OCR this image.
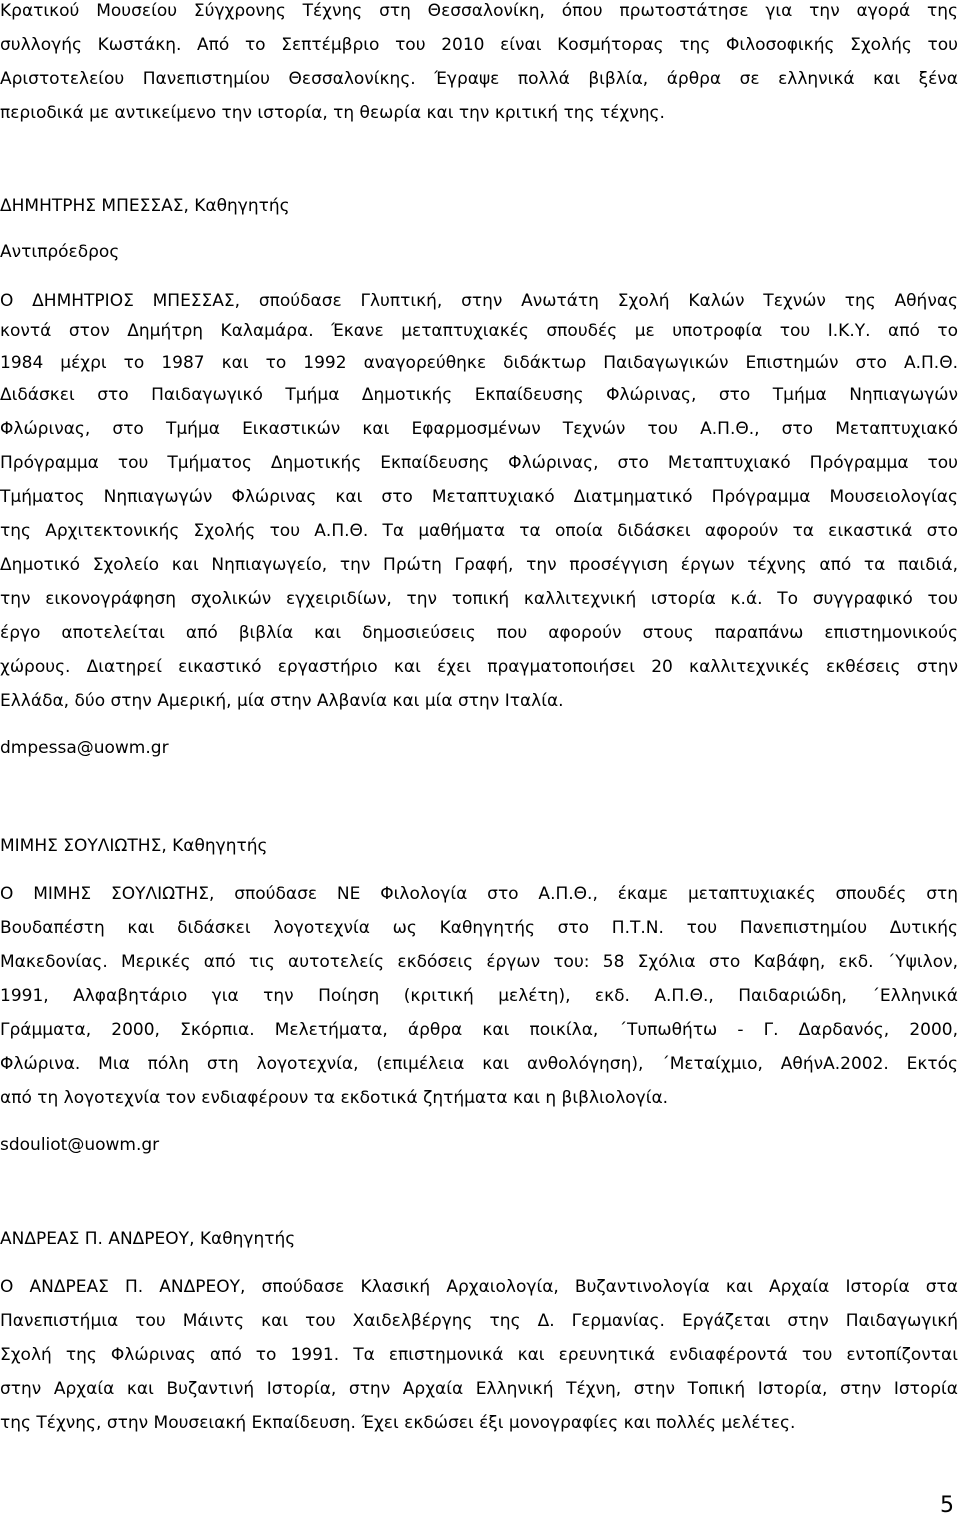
Κρατικού Μουσείου Σύγχρονης Τέχνης στη Θεσσαλονίκη, όπου πρωτοστάτησε για την αγορά της
συλλογής Κωστάκη. Από το Σεπτέμβριο του 2010 είναι Κοσμήτορας της Φιλοσοφικής Σχολής του
Αριστοτελείου Πανεπιστημίου Θεσσαλονίκης. Έγραψε πολλά βιβλία, άρθρα σε ελληνικά και ξένα
περιοδικά με αντικείμενο την ιστορία, τη θεωρία και την κριτική της τέχνης.
ΔΗΜΗΤΡΗΣ ΜΠΕΣΣΑΣ, Καθηγητής
Αντιπρόεδρος
Ο ΔΗΜΗΤΡΙΟΣ ΜΠΕΣΣΑΣ, σπούδασε Γλυπτική, στην Ανωτάτη Σχολή Καλών Τεχνών της Αθήνας
κοντά στον Δημήτρη Καλαμάρα. Έκανε μεταπτυχιακές σπουδές με υποτροφία του Ι.Κ.Υ. από το
1984 μέχρι το 1987 και το 1992 αναγορεύθηκε διδάκτωρ Παιδαγωγικών Επιστημών στο Α.Π.Θ.
Διδάσκει στο Παιδαγωγικό Τμήμα Δημοτικής Εκπαίδευσης Φλώρινας, στο Τμήμα Νηπιαγωγών
Φλώρινας, στο Τμήμα Εικαστικών και Εφαρμοσμένων Τεχνών του Α.Π.Θ., στο Μεταπτυχιακό
Πρόγραμμα του Τμήματος Δημοτικής Εκπαίδευσης Φλώρινας, στο Μεταπτυχιακό Πρόγραμμα του
Τμήματος Νηπιαγωγών Φλώρινας και στο Μεταπτυχιακό Διατμηματικό Πρόγραμμα Μουσειολογίας
της Αρχιτεκτονικής Σχολής του Α.Π.Θ. Τα μαθήματα τα οποία διδάσκει αφορούν τα εικαστικά στο
Δημοτικό Σχολείο και Νηπιαγωγείο, την Πρώτη Γραφή, την προσέγγιση έργων τέχνης από τα παιδιά,
την εικονογράφηση σχολικών εγχειριδίων, την τοπική καλλιτεχνική ιστορία κ.ά. Το συγγραφικό του
έργο αποτελείται από βιβλία και δημοσιεύσεις που αφορούν στους παραπάνω επιστημονικούς
χώρους. Διατηρεί εικαστικό εργαστήριο και έχει πραγματοποιήσει 20 καλλιτεχνικές εκθέσεις στην
Ελλάδα, δύο στην Αμερική, μία στην Αλβανία και μία στην Ιταλία.
dmpessa@uowm.gr
ΜΙΜΗΣ ΣΟΥΛΙΩΤΗΣ, Καθηγητής
Ο ΜΙΜΗΣ ΣΟΥΛΙΩΤΗΣ, σπούδασε ΝΕ Φιλολογία στο Α.Π.Θ., έκαμε μεταπτυχιακές σπουδές στη
Βουδαπέστη και διδάσκει λογοτεχνία ως Καθηγητής στο Π.Τ.Ν. του Πανεπιστημίου Δυτικής
Μακεδονίας. Μερικές από τις αυτοτελείς εκδόσεις έργων του: 58 Σχόλια στο Καβάφη, εκδ. ΄Υψιλον,
1991, Αλφαβητάριο για την Ποίηση (κριτική μελέτη), εκδ. Α.Π.Θ., Παιδαριώδη, ΄Ελληνικά
Γράμματα, 2000, Σκόρπια. Μελετήματα, άρθρα και ποικίλα, ΄Τυπωθήτω - Γ. Δαρδανός, 2000,
Φλώρινα. Μια πόλη στη λογοτεχνία, (επιμέλεια και ανθολόγηση), ΄Μεταίχμιο, ΑθήνΑ.2002. Εκτός
από τη λογοτεχνία τον ενδιαφέρουν τα εκδοτικά ζητήματα και η βιβλιολογία.
sdouliot@uowm.gr
ΑΝΔΡΕΑΣ Π. ΑΝΔΡΕΟΥ, Καθηγητής
Ο ΑΝΔΡΕΑΣ Π. ΑΝΔΡΕΟΥ, σπούδασε Κλασική Αρχαιολογία, Βυζαντινολογία και Αρχαία Ιστορία στα
Πανεπιστήμια του Μάιντς και του Χαιδελβέργης της Δ. Γερμανίας. Εργάζεται στην Παιδαγωγική
Σχολή της Φλώρινας από το 1991. Τα επιστημονικά και ερευνητικά ενδιαφέροντά του εντοπίζονται
στην Αρχαία και Βυζαντινή Ιστορία, στην Αρχαία Ελληνική Τέχνη, στην Τοπική Ιστορία, στην Ιστορία
της Τέχνης, στην Μουσειακή Εκπαίδευση. Έχει εκδώσει έξι μονογραφίες και πολλές μελέτες.
5
